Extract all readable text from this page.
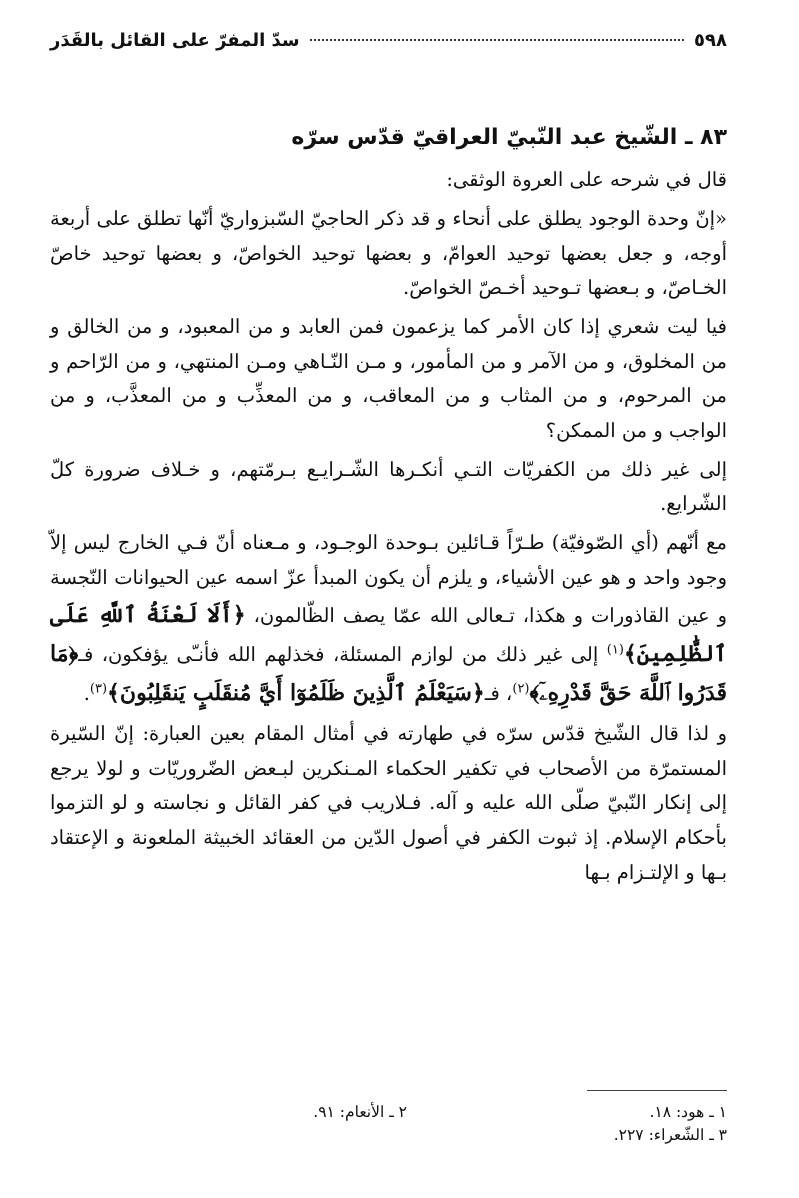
سدّ المفرّ على القائل بالقَدَر	٥٩٨
٨٣ ـ الشّيخ عبد النّبيّ العراقيّ قدّس سرّه
قال في شرحه على العروة الوثقى:
«إنّ وحدة الوجود يطلق على أنحاء و قد ذكر الحاجيّ السّبزواريّ أنّها تطلق على أربعة أوجه، و جعل بعضها توحيد العوامّ، و بعضها توحيد الخواصّ، و بعضها توحيد خاصّ الخـاصّ، و بـعضها تـوحيد أخـصّ الخواصّ.
فيا ليت شعري إذا كان الأمر كما يزعمون فمن العابد و من المعبود، و من الخالق و من المخلوق، و من الآمر و من المأمور، و مـن النّـاهي ومـن المنتهي، و من الرّاحم و من المرحوم، و من المثاب و من المعاقب، و من المعذِّب و من المعذَّب، و من الواجب و من الممكن؟
إلى غير ذلك من الكفريّات التـي أنكـرها الشّـرايـع بـرمّتهم، و خـلاف ضرورة كلّ الشّرايع.
مع أنّهم (أي الصّوفيّة) طـرّاً قـائلين بـوحدة الوجـود، و مـعناه أنّ فـي الخارج ليس إلاّ وجود واحد و هو عين الأشياء، و يلزم أن يكون المبدأ عزّ اسمه عين الحيوانات النّجسة و عين القاذورات و هكذا، تـعالى الله عمّا يصف الظّالمون، ﴿أَلَا لَعْنَةُ ٱللَّهِ عَلَى ٱلظَّٰلِمِينَ﴾$^{(١)}$ إلى غير ذلك من لوازم المسئلة، فخذلهم الله فأنـّى يؤفكون، فـ﴿مَا قَدَرُوا ٱللَّهَ حَقَّ قَدْرِهِۦٓ﴾$^{(٢)}$، فـ﴿سَيَعْلَمُ ٱلَّذِينَ ظَلَمُوٓا أَيَّ مُنقَلَبٍ يَنقَلِبُونَ﴾$^{(٣)}$.
و لذا قال الشّيخ قدّس سرّه في طهارته في أمثال المقام بعين العبارة: إنّ السّيرة المستمرّة من الأصحاب في تكفير الحكماء المـنكرين لبـعض الضّروريّات و لولا يرجع إلى إنكار النّبيّ صلّى الله عليه و آله. فـلاريب في كفر القائل و نجاسته و لو التزموا بأحكام الإسلام. إذ ثبوت الكفر في أصول الدّين من العقائد الخبيثة الملعونة و الإعتقاد بـها و الإلتـزام بـها
١ ـ هود: ١٨.
٢ ـ الأنعام: ٩١.
٣ ـ الشّعراء: ٢٢٧.
